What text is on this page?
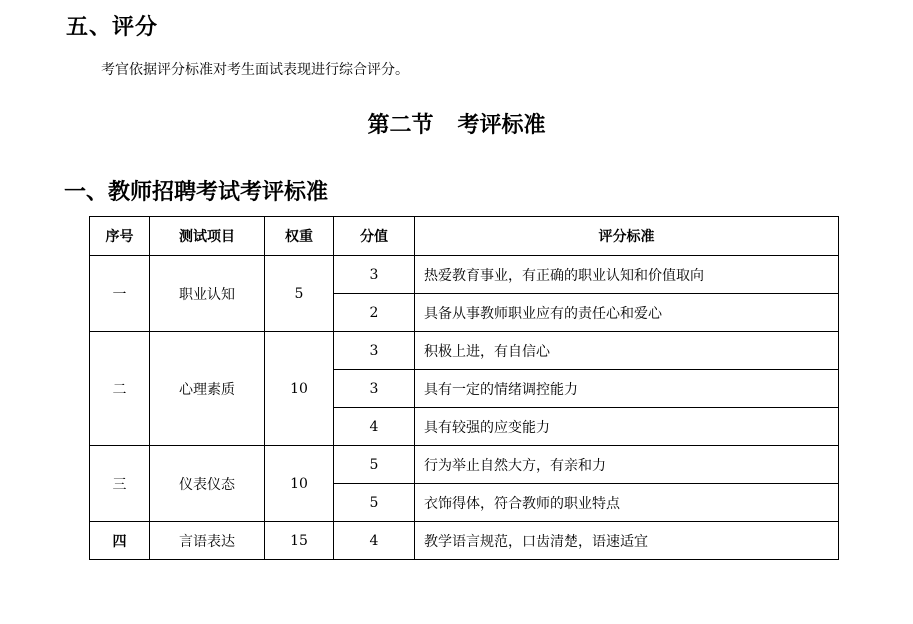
五、评分
考官依据评分标准对考生面试表现进行综合评分。
第二节 考评标准
一、教师招聘考试考评标准
序号	测试项目	权重	分值	评分标准
一	职业认知	5	3	热爱教育事业，有正确的职业认知和价值取向
			2	具备从事教师职业应有的责任心和爱心
二	心理素质	10	3	积极上进，有自信心
			3	具有一定的情绪调控能力
			4	具有较强的应变能力
三	仪表仪态	10	5	行为举止自然大方，有亲和力
			5	衣饰得体，符合教师的职业特点
四	言语表达	15	4	教学语言规范，口齿清楚，语速适宜
